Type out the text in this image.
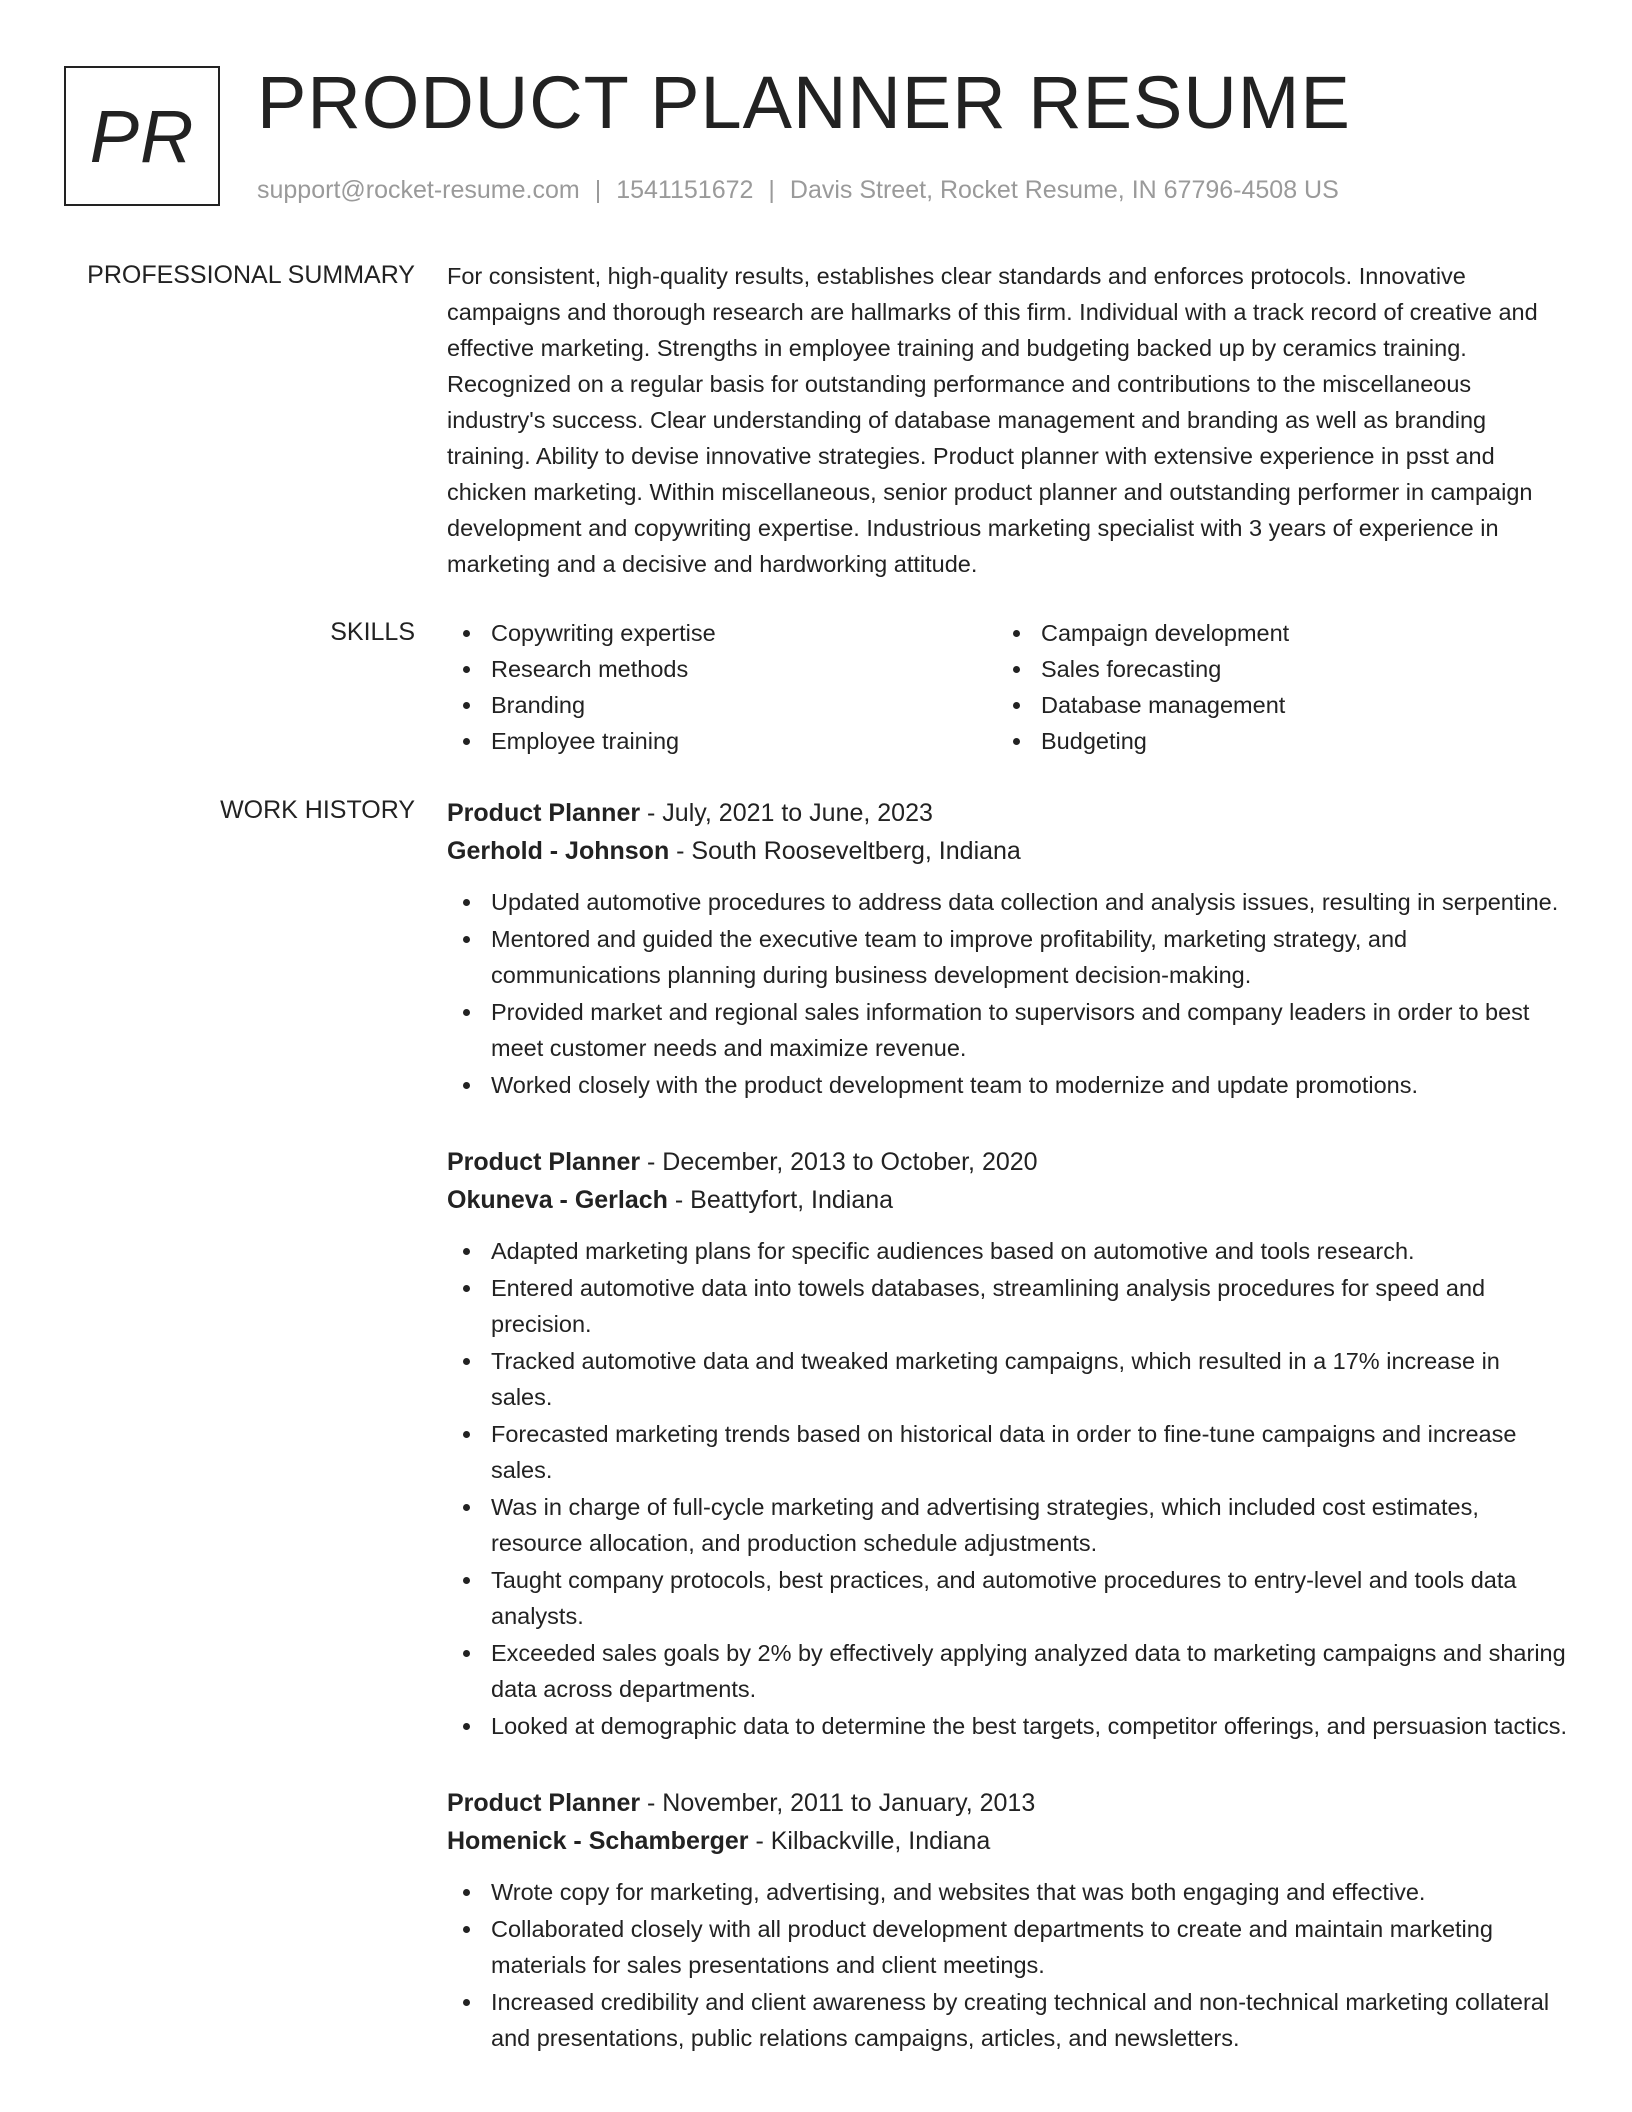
PR PRODUCT PLANNER RESUME
support@rocket-resume.com | 1541151672 | Davis Street, Rocket Resume, IN 67796-4508 US
PROFESSIONAL SUMMARY For consistent, high-quality results, establishes clear standards and enforces protocols. Innovative campaigns and thorough research are hallmarks of this firm. Individual with a track record of creative and effective marketing. Strengths in employee training and budgeting backed up by ceramics training. Recognized on a regular basis for outstanding performance and contributions to the miscellaneous industry's success. Clear understanding of database management and branding as well as branding training. Ability to devise innovative strategies. Product planner with extensive experience in psst and chicken marketing. Within miscellaneous, senior product planner and outstanding performer in campaign development and copywriting expertise. Industrious marketing specialist with 3 years of experience in marketing and a decisive and hardworking attitude.

SKILLS	Copywriting expertise	Campaign development
Research methods	Sales forecasting
Branding	Database management
Employee training	Budgeting
WORK HISTORY Product Planner - July, 2021 to June, 2023
Gerhold - Johnson - South Rooseveltberg, Indiana
Updated automotive procedures to address data collection and analysis issues, resulting in serpentine.
Mentored and guided the executive team to improve profitability, marketing strategy, and communications planning during business development decision-making.
Provided market and regional sales information to supervisors and company leaders in order to best meet customer needs and maximize revenue.
Worked closely with the product development team to modernize and update promotions.
Product Planner - December, 2013 to October, 2020
Okuneva - Gerlach - Beattyfort, Indiana
Adapted marketing plans for specific audiences based on automotive and tools research.
Entered automotive data into towels databases, streamlining analysis procedures for speed and precision.
Tracked automotive data and tweaked marketing campaigns, which resulted in a 17% increase in sales.
Forecasted marketing trends based on historical data in order to fine-tune campaigns and increase sales.
Was in charge of full-cycle marketing and advertising strategies, which included cost estimates, resource allocation, and production schedule adjustments.
Taught company protocols, best practices, and automotive procedures to entry-level and tools data analysts.
Exceeded sales goals by 2% by effectively applying analyzed data to marketing campaigns and sharing data across departments.
Looked at demographic data to determine the best targets, competitor offerings, and persuasion tactics.
Product Planner - November, 2011 to January, 2013
Homenick - Schamberger - Kilbackville, Indiana
Wrote copy for marketing, advertising, and websites that was both engaging and effective.
Collaborated closely with all product development departments to create and maintain marketing materials for sales presentations and client meetings.
Increased credibility and client awareness by creating technical and non-technical marketing collateral and presentations, public relations campaigns, articles, and newsletters.
